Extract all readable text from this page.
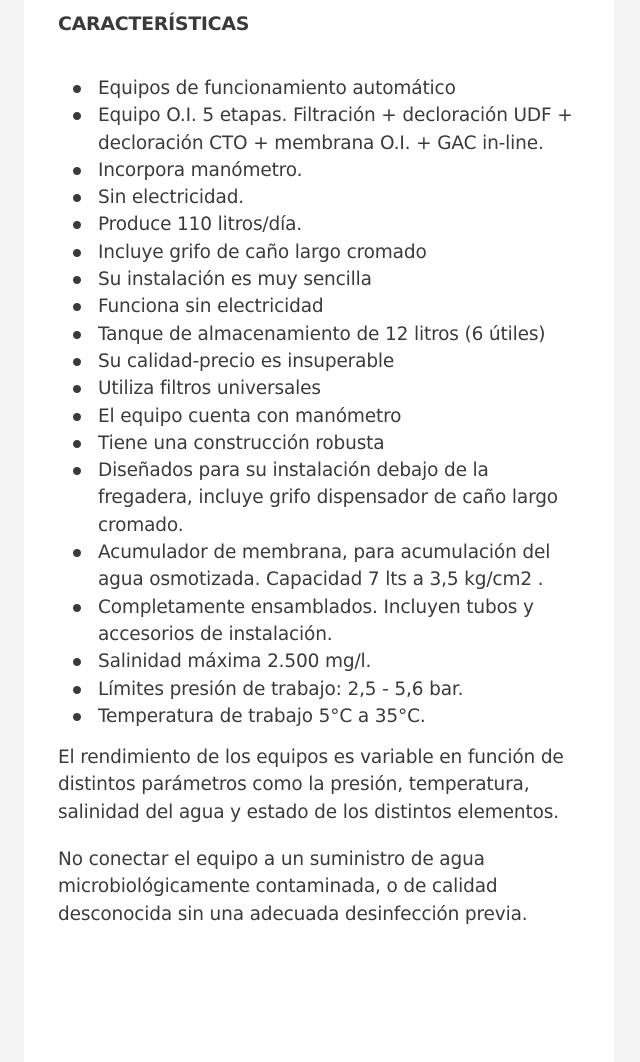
CARACTERÍSTICAS
Equipos de funcionamiento automático
Equipo O.I. 5 etapas. Filtración + decloración UDF + decloración CTO + membrana O.I. + GAC in-line.
Incorpora manómetro.
Sin electricidad.
Produce 110 litros/día.
Incluye grifo de caño largo cromado
Su instalación es muy sencilla
Funciona sin electricidad
Tanque de almacenamiento de 12 litros (6 útiles)
Su calidad-precio es insuperable
Utiliza filtros universales
El equipo cuenta con manómetro
Tiene una construcción robusta
Diseñados para su instalación debajo de la fregadera, incluye grifo dispensador de caño largo cromado.
Acumulador de membrana, para acumulación del agua osmotizada. Capacidad 7 lts a 3,5 kg/cm2 .
Completamente ensamblados. Incluyen tubos y accesorios de instalación.
Salinidad máxima 2.500 mg/l.
Límites presión de trabajo: 2,5 - 5,6 bar.
Temperatura de trabajo 5°C a 35°C.

El rendimiento de los equipos es variable en función de distintos parámetros como la presión, temperatura, salinidad del agua y estado de los distintos elementos.

No conectar el equipo a un suministro de agua microbiológicamente contaminada, o de calidad desconocida sin una adecuada desinfección previa.
